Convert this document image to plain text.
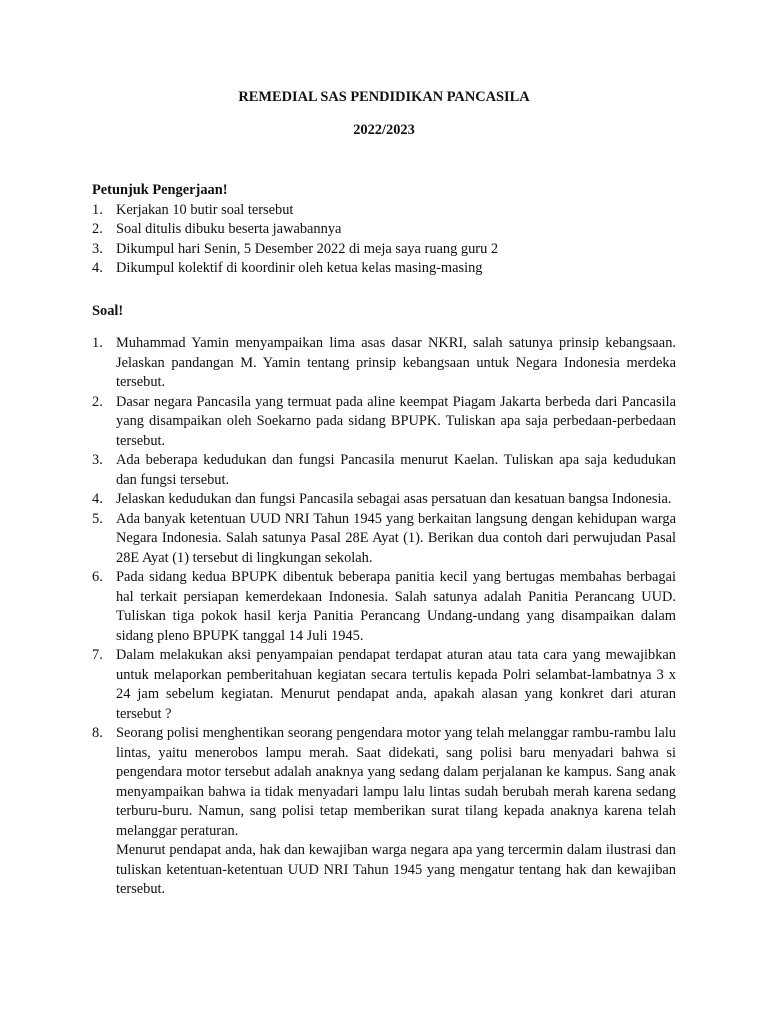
REMEDIAL SAS PENDIDIKAN PANCASILA
2022/2023
Petunjuk Pengerjaan!
1. Kerjakan 10 butir soal tersebut
2. Soal ditulis dibuku beserta jawabannya
3. Dikumpul hari Senin, 5 Desember 2022 di meja saya ruang guru 2
4. Dikumpul kolektif di koordinir oleh ketua kelas masing-masing
Soal!
1. Muhammad Yamin menyampaikan lima asas dasar NKRI, salah satunya prinsip kebangsaan. Jelaskan pandangan M. Yamin tentang prinsip kebangsaan untuk Negara Indonesia merdeka tersebut.

2. Dasar negara Pancasila yang termuat pada aline keempat Piagam Jakarta berbeda dari Pancasila yang disampaikan oleh Soekarno pada sidang BPUPK. Tuliskan apa saja perbedaan-perbedaan tersebut.

3. Ada beberapa kedudukan dan fungsi Pancasila menurut Kaelan. Tuliskan apa saja kedudukan dan fungsi tersebut.

4. Jelaskan kedudukan dan fungsi Pancasila sebagai asas persatuan dan kesatuan bangsa Indonesia.

5. Ada banyak ketentuan UUD NRI Tahun 1945 yang berkaitan langsung dengan kehidupan warga Negara Indonesia. Salah satunya Pasal 28E Ayat (1). Berikan dua contoh dari perwujudan Pasal 28E Ayat (1) tersebut di lingkungan sekolah.

6. Pada sidang kedua BPUPK dibentuk beberapa panitia kecil yang bertugas membahas berbagai hal terkait persiapan kemerdekaan Indonesia. Salah satunya adalah Panitia Perancang UUD. Tuliskan tiga pokok hasil kerja Panitia Perancang Undang-undang yang disampaikan dalam sidang pleno BPUPK tanggal 14 Juli 1945.

7. Dalam melakukan aksi penyampaian pendapat terdapat aturan atau tata cara yang mewajibkan untuk melaporkan pemberitahuan kegiatan secara tertulis kepada Polri selambat-lambatnya 3 x 24 jam sebelum kegiatan. Menurut pendapat anda, apakah alasan yang konkret dari aturan tersebut ?

8. Seorang polisi menghentikan seorang pengendara motor yang telah melanggar rambu-rambu lalu lintas, yaitu menerobos lampu merah. Saat didekati, sang polisi baru menyadari bahwa si pengendara motor tersebut adalah anaknya yang sedang dalam perjalanan ke kampus. Sang anak menyampaikan bahwa ia tidak menyadari lampu lalu lintas sudah berubah merah karena sedang terburu-buru. Namun, sang polisi tetap memberikan surat tilang kepada anaknya karena telah melanggar peraturan.

Menurut pendapat anda, hak dan kewajiban warga negara apa yang tercermin dalam ilustrasi dan tuliskan ketentuan-ketentuan UUD NRI Tahun 1945 yang mengatur tentang hak dan kewajiban tersebut.
